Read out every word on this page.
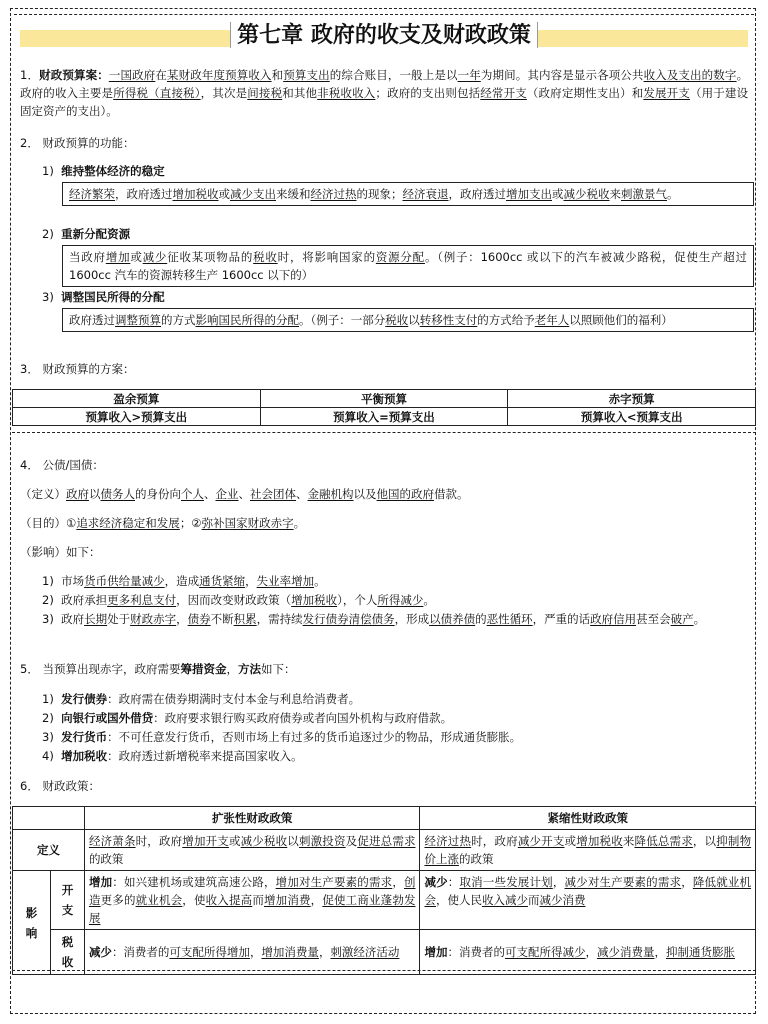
第七章 政府的收支及财政政策
1．财政预算案：一国政府在某财政年度预算收入和预算支出的综合账目，一般上是以一年为期间。其内容是显示各项公共收入及支出的数字。政府的收入主要是所得税（直接税），其次是间接税和其他非税收收入；政府的支出则包括经常开支（政府定期性支出）和发展开支（用于建设固定资产的支出）。
2． 财政预算的功能：
1) 维持整体经济的稳定
经济繁荣，政府透过增加税收或减少支出来缓和经济过热的现象；经济衰退，政府透过增加支出或减少税收来刺激景气。
2) 重新分配资源
当政府增加或减少征收某项物品的税收时，将影响国家的资源分配。（例子：1600cc 或以下的汽车被减少路税，促使生产超过 1600cc 汽车的资源转移生产 1600cc 以下的）
3) 调整国民所得的分配
政府透过调整预算的方式影响国民所得的分配。（例子：一部分税收以转移性支付的方式给予老年人以照顾他们的福利）
3． 财政预算的方案：
盈余预算	平衡预算	赤字预算
预算收入>预算支出	预算收入=预算支出	预算收入<预算支出
4． 公债/国债：
（定义）政府以债务人的身份向个人、企业、社会团体、金融机构以及他国的政府借款。
（目的）①追求经济稳定和发展；②弥补国家财政赤字。
（影响）如下：
1) 市场货币供给量减少，造成通货紧缩，失业率增加。
2) 政府承担更多利息支付，因而改变财政政策（增加税收），个人所得减少。
3) 政府长期处于财政赤字，债券不断积累，需持续发行债券清偿债务，形成以债养债的恶性循环，严重的话政府信用甚至会破产。
5． 当预算出现赤字，政府需要筹措资金，方法如下：
1) 发行债券：政府需在债券期满时支付本金与利息给消费者。
2) 向银行或国外借贷：政府要求银行购买政府债券或者向国外机构与政府借款。
3) 发行货币：不可任意发行货币，否则市场上有过多的货币追逐过少的物品，形成通货膨胀。
4) 增加税收：政府透过新增税率来提高国家收入。
6． 财政政策：
		扩张性财政政策	紧缩性财政政策
定义		经济萧条时，政府增加开支或减少税收以刺激投资及促进总需求的政策	经济过热时，政府减少开支或增加税收来降低总需求，以抑制物价上涨的政策

影响	开支	增加：如兴建机场或建筑高速公路，增加对生产要素的需求，创造更多的就业机会，使收入提高而增加消费，促使工商业蓬勃发展	减少：取消一些发展计划，减少对生产要素的需求，降低就业机会，使人民收入减少而减少消费

	税收	减少：消费者的可支配所得增加，增加消费量，刺激经济活动	增加：消费者的可支配所得减少，减少消费量，抑制通货膨胀
